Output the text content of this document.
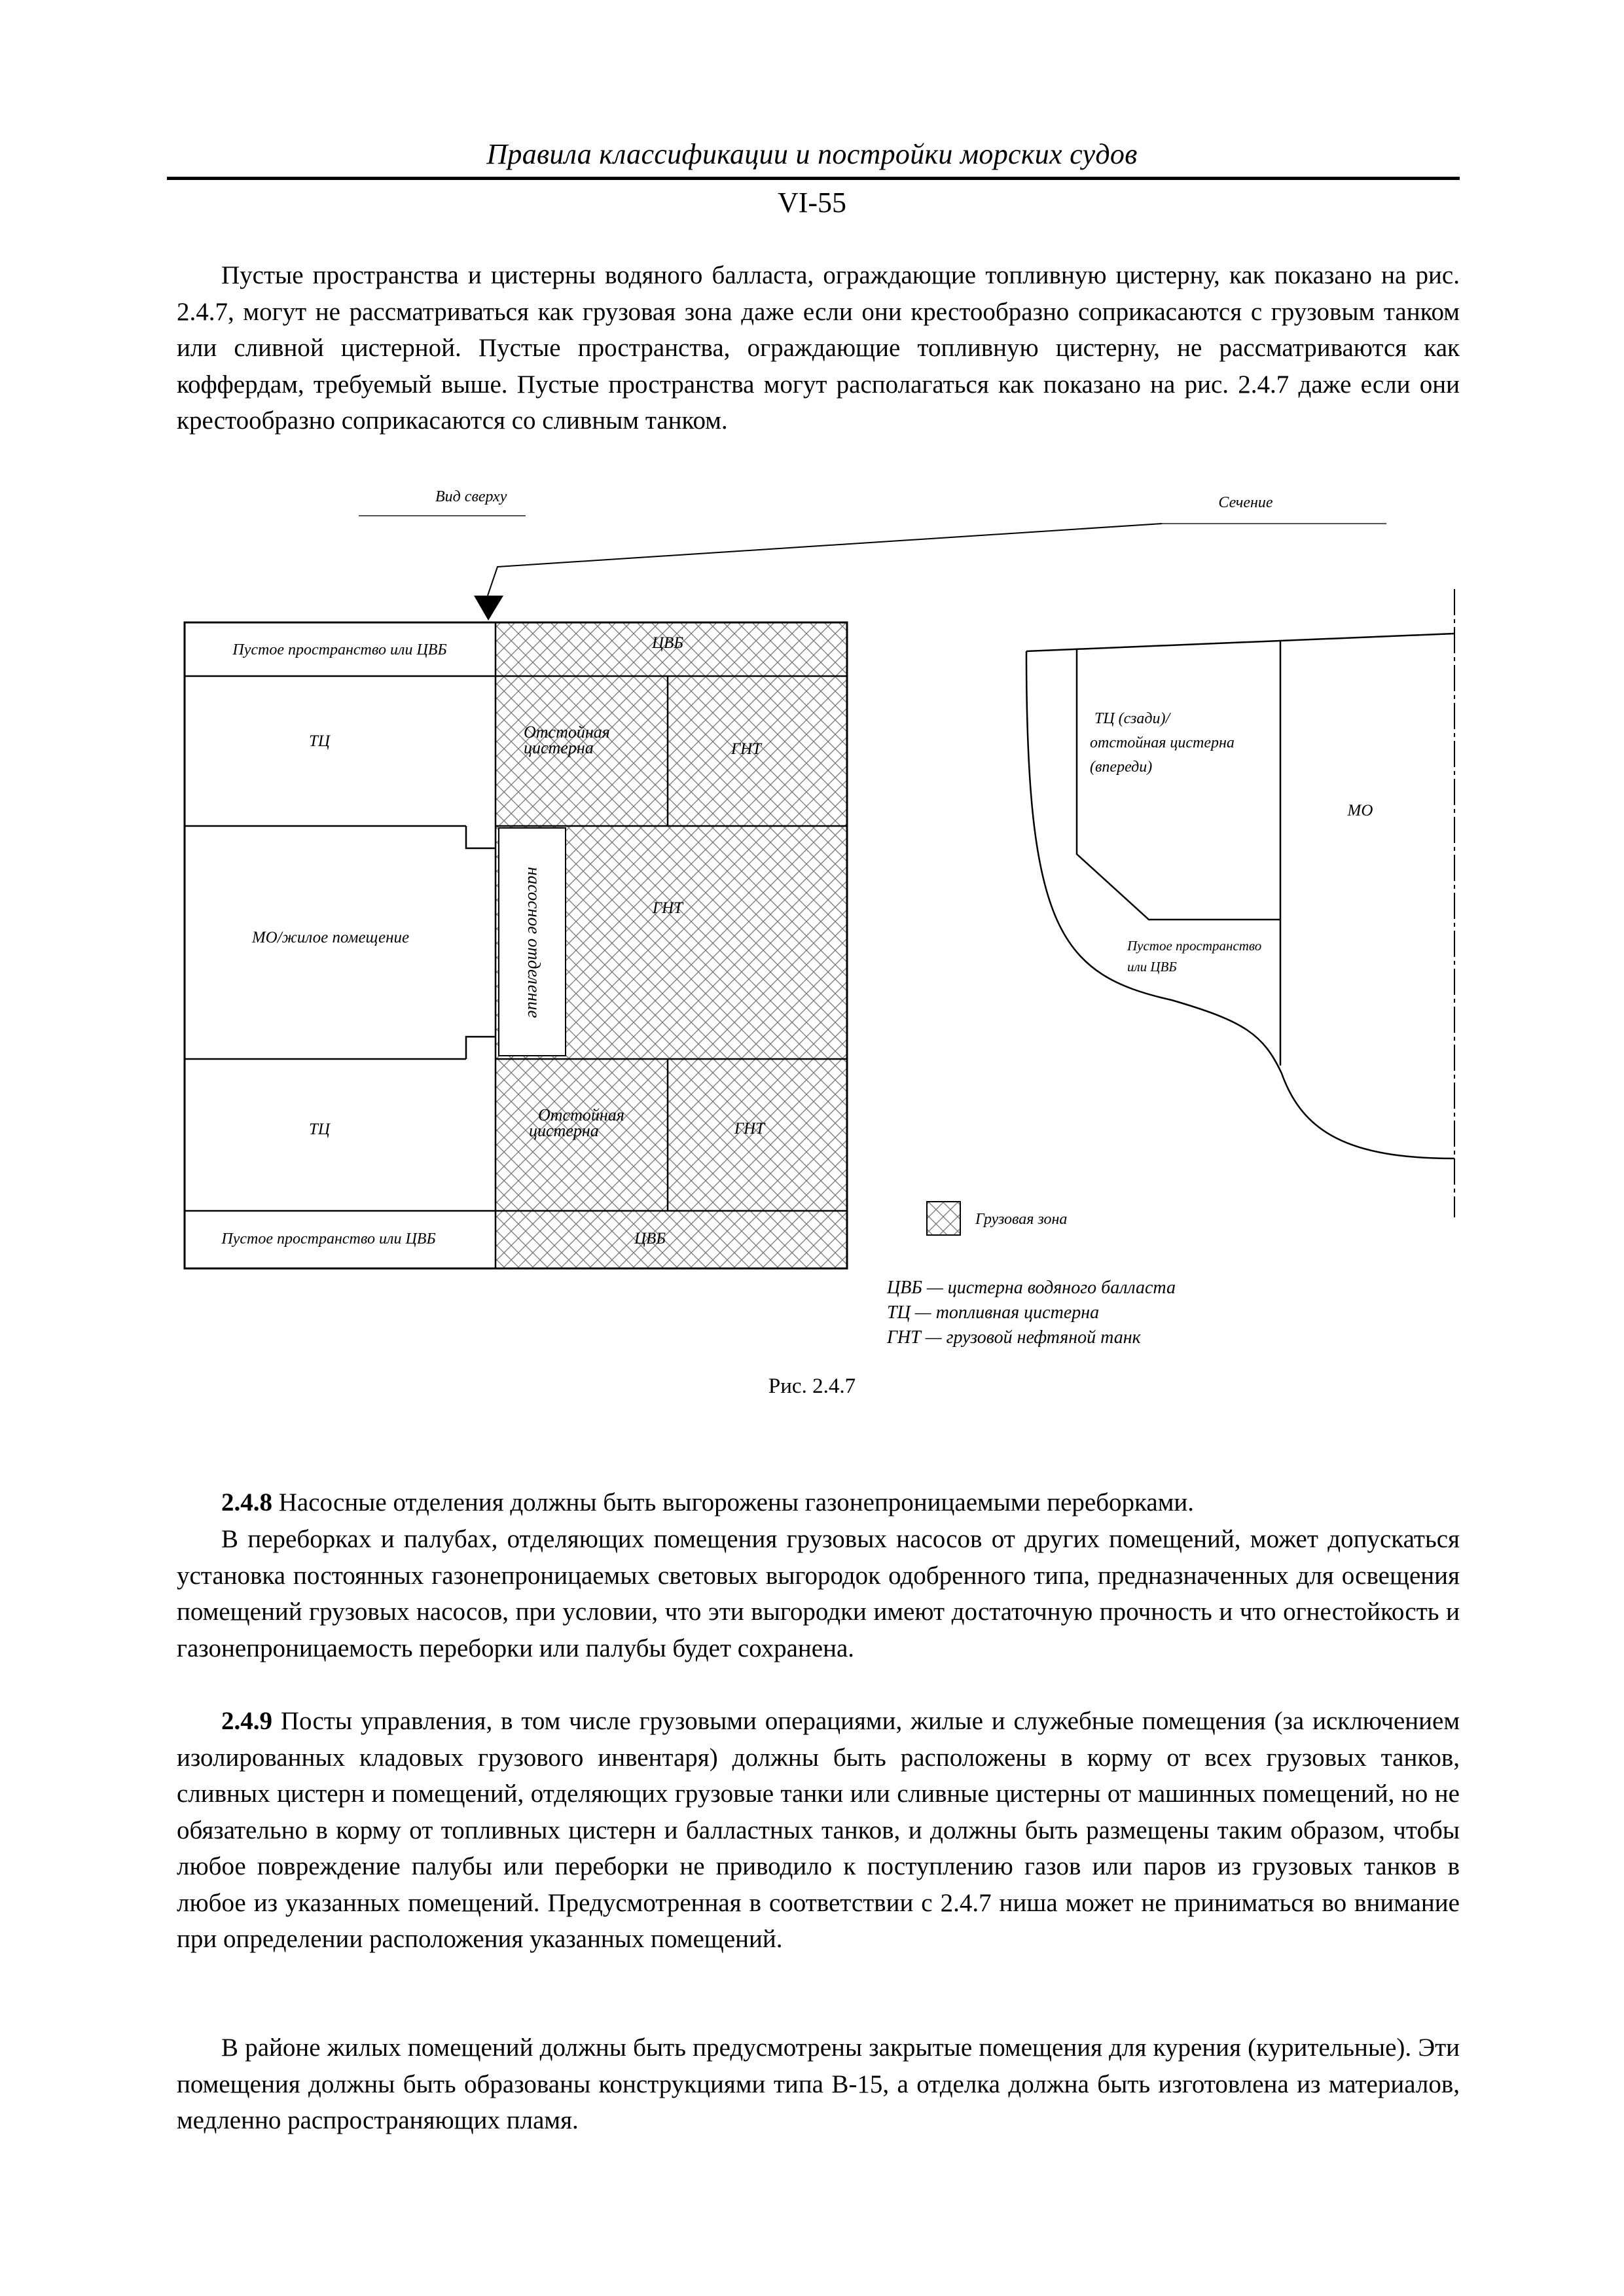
Правила классификации и постройки морских судов
VI-55

Пустые пространства и цистерны водяного балласта, ограждающие топливную цистерну, как показано на рис. 2.4.7, могут не рассматриваться как грузовая зона даже если они крестообразно соприкасаются с грузовым танком или сливной цистерной. Пустые пространства, ограждающие топливную цистерну, не рассматриваются как коффердам, требуемый выше. Пустые пространства могут располагаться как показано на рис. 2.4.7 даже если они крестообразно соприкасаются со сливным танком.

Вид сверху	Сечение
Пустое пространство или ЦВБ	ЦВБ
ТЦ	Отстойная
цистерна	ГНТ
МО/жилое помещение	насосное отделение	ГНТ
ТЦ
Отстойная
цистерна	ГНТ
Пустое пространство или ЦВБ	ЦВБ
ТЦ (сзади)/
отстойная цистерна
(впереди)
МО
Пустое пространство
или ЦВБ
Грузовая зона
ЦВБ — цистерна водяного балласта
ТЦ — топливная цистерна
ГНТ — грузовой нефтяной танк
Рис. 2.4.7

2.4.8 Насосные отделения должны быть выгорожены газонепроницаемыми переборками.

В переборках и палубах, отделяющих помещения грузовых насосов от других помещений, может допускаться установка постоянных газонепроницаемых световых выгородок одобренного типа, предназначенных для освещения помещений грузовых насосов, при условии, что эти выгородки имеют достаточную прочность и что огнестойкость и газонепроницаемость переборки или палубы будет сохранена.

2.4.9 Посты управления, в том числе грузовыми операциями, жилые и служебные помещения (за исключением изолированных кладовых грузового инвентаря) должны быть расположены в корму от всех грузовых танков, сливных цистерн и помещений, отделяющих грузовые танки или сливные цистерны от машинных помещений, но не обязательно в корму от топливных цистерн и балластных танков, и должны быть размещены таким образом, чтобы любое повреждение палубы или переборки не приводило к поступлению газов или паров из грузовых танков в любое из указанных помещений. Предусмотренная в соответствии с 2.4.7 ниша может не приниматься во внимание при определении расположения указанных помещений.

В районе жилых помещений должны быть предусмотрены закрытые помещения для курения (курительные). Эти помещения должны быть образованы конструкциями типа В-15, а отделка должна быть изготовлена из материалов, медленно распространяющих пламя.
